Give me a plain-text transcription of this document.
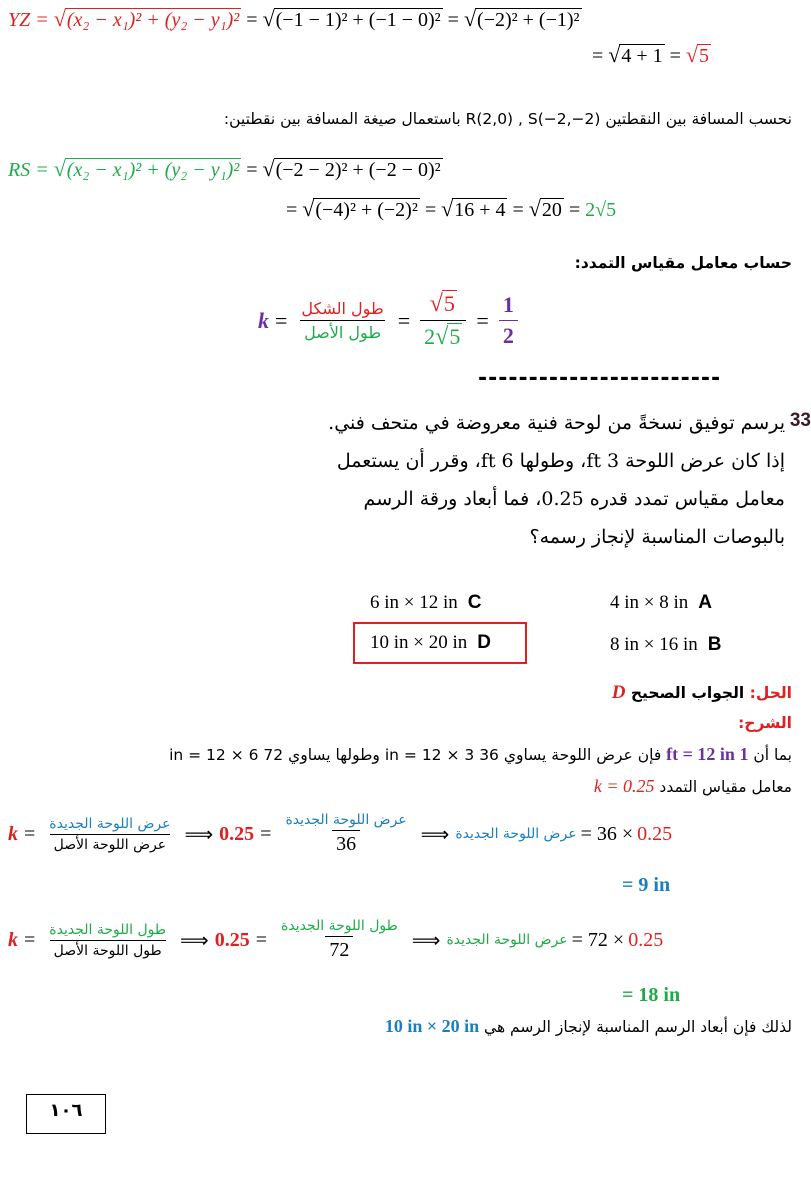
YZ = √(x₂ − x₁)² + (y₂ − y₁)² = √(−1 − 1)² + (−1 − 0)² = √(−2)² + (−1)²
= √4 + 1 = √5
نحسب المسافة بين النقطتين R(2,0) , S(−2,−2) باستعمال صيغة المسافة بين نقطتين:
RS = √(x₂ − x₁)² + (y₂ − y₁)² = √(−2 − 2)² + (−2 − 0)²
= √(−4)² + (−2)² = √16 + 4 = √20 = 2√5
حساب معامل مقياس التمدد:
$k = \frac{\text{طول الشكل}}{\text{طول الأصل}} = \frac{√5}{2√5} = \frac{1}{2}$
------------------------
33
يرسم توفيق نسخةً من لوحة فنية معروضة في متحف فني.
إذا كان عرض اللوحة 3 ft، وطولها 6 ft، وقرر أن يستعمل
معامل مقياس تمدد قدره 0.25، فما أبعاد ورقة الرسم
بالبوصات المناسبة لإنجاز رسمه؟
4 in × 8 in A
6 in × 12 in C
8 in × 16 in B
10 in × 20 in D
الحل: الجواب الصحيح D
الشرح:
بما أن 1 ft = 12 in فإن عرض اللوحة يساوي 36 in = 12 × 3 وطولها يساوي 72 in = 12 × 6
معامل مقياس التمدد k = 0.25
$k = \frac{\text{عرض اللوحة الجديدة}}{\text{عرض اللوحة الأصل}}$ ⟹ $0.25 = \frac{\text{عرض اللوحة الجديدة}}{36}$ ⟹ عرض اللوحة الجديدة = 36 × 0.25
= 9 in
$k = \frac{\text{طول اللوحة الجديدة}}{\text{طول اللوحة الأصل}}$ ⟹ $0.25 = \frac{\text{طول اللوحة الجديدة}}{72}$ ⟹ عرض اللوحة الجديدة = 72 × 0.25
= 18 in
لذلك فإن أبعاد الرسم المناسبة لإنجاز الرسم هي 10 in × 20 in
١٠٦
